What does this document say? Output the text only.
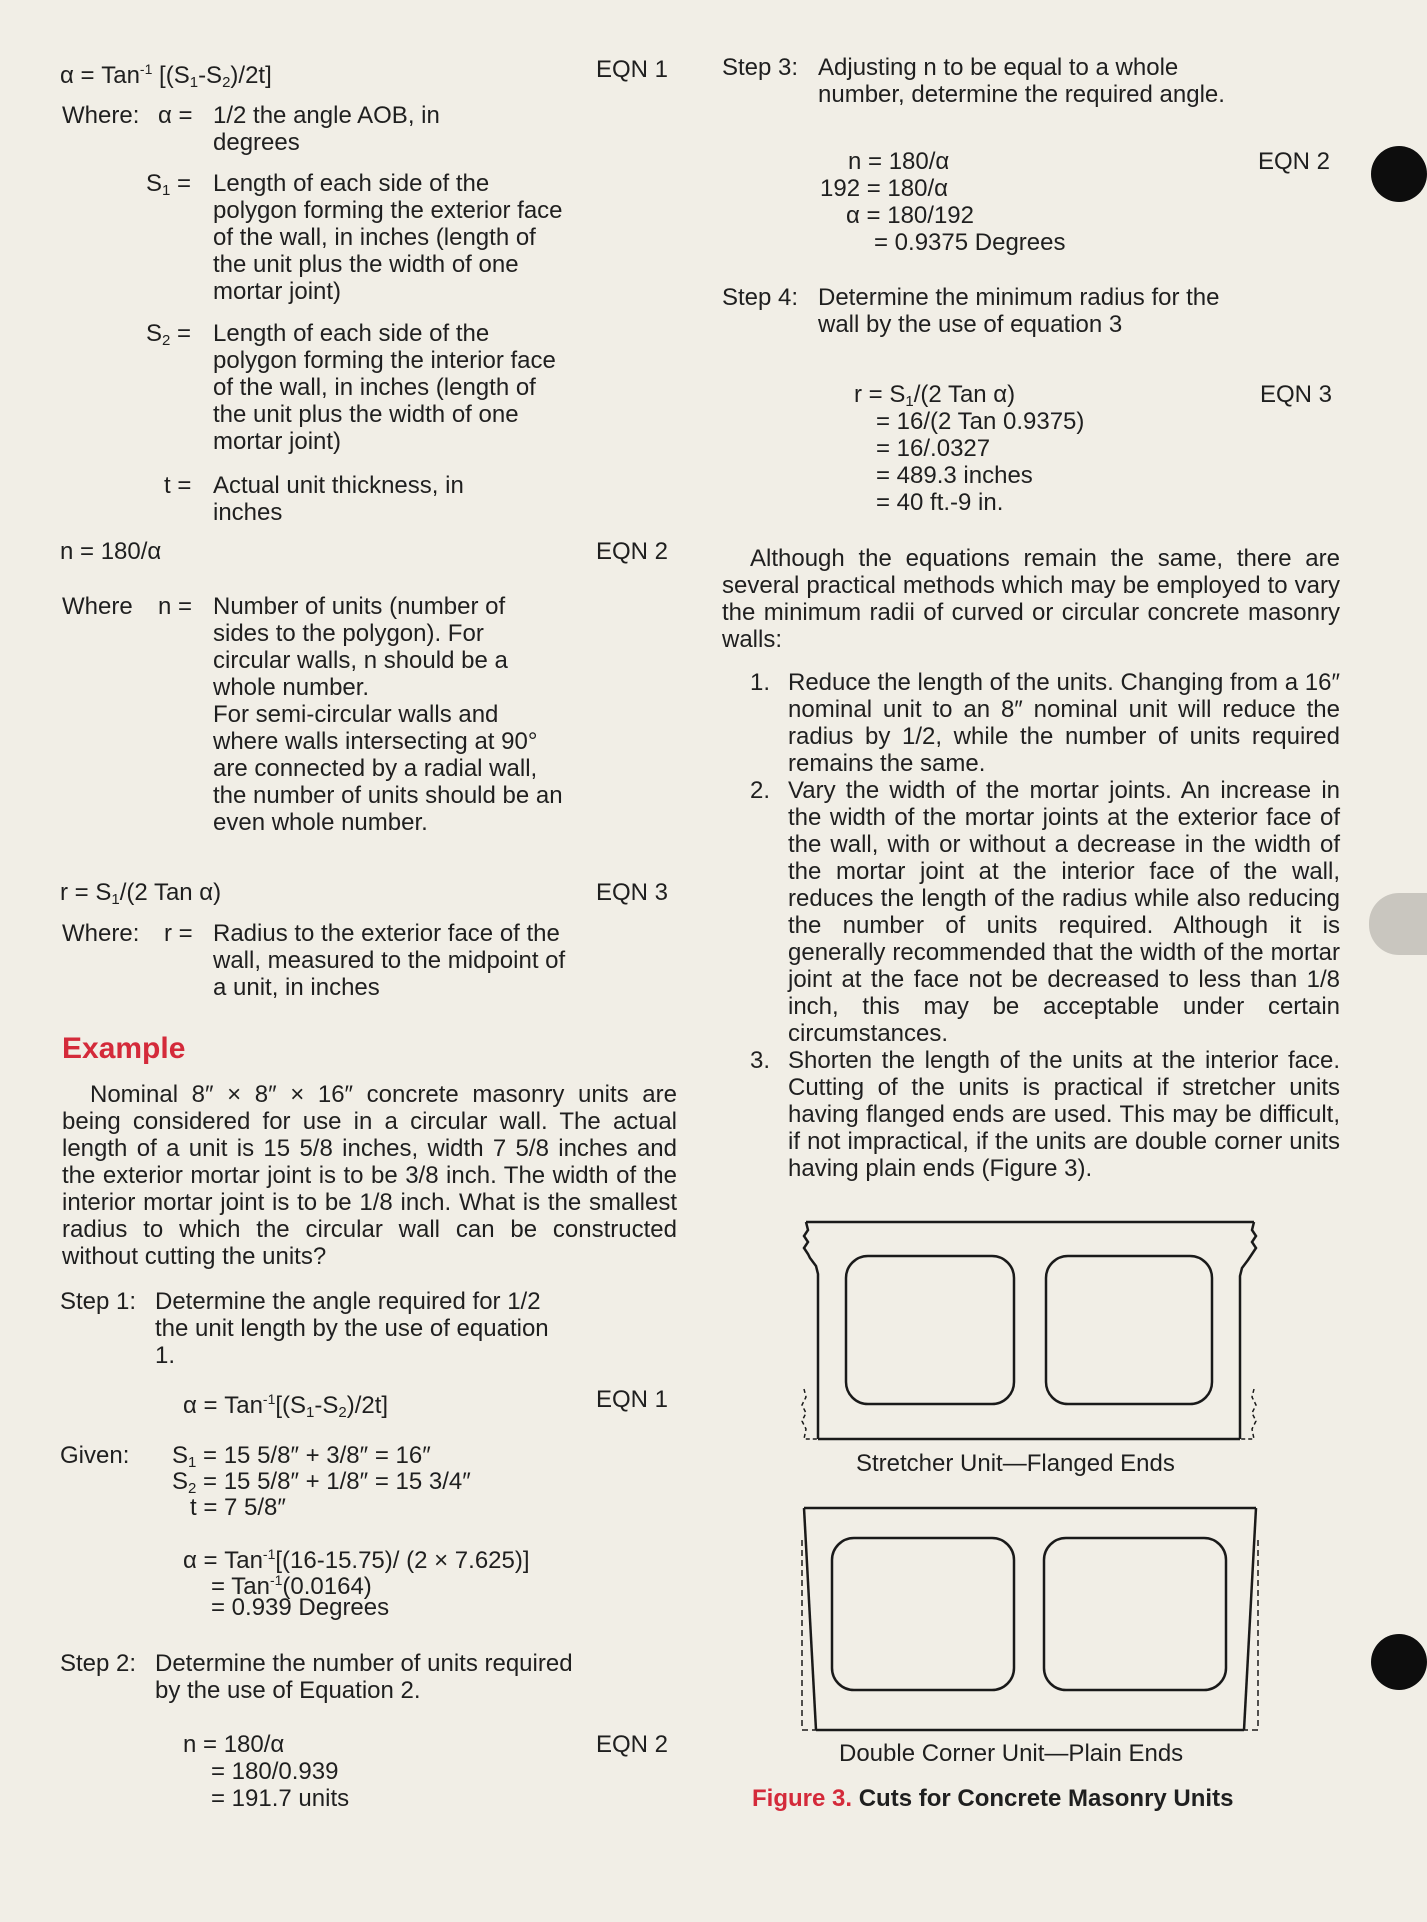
α = Tan$^{-1}$ $[(S_1-S_2)/2t]$	EQN 1
Where: α = 1/2 the angle AOB, in degrees
$S_1$ = Length of each side of the polygon forming the exterior face of the wall, in inches (length of the unit plus the width of one mortar joint)
$S_2$ = Length of each side of the polygon forming the interior face of the wall, in inches (length of the unit plus the width of one mortar joint)
t = Actual unit thickness, in inches
n = 180/α	EQN 2
Where n = Number of units (number of sides to the polygon). For circular walls, n should be a whole number.
For semi-circular walls and where walls intersecting at 90° are connected by a radial wall, the number of units should be an even whole number.
$r = S_1/(2$ Tan α)	EQN 3
Where: r = Radius to the exterior face of the wall, measured to the midpoint of a unit, in inches
Example
Nominal 8″ × 8″ × 16″ concrete masonry units are being considered for use in a circular wall. The actual length of a unit is 15 5/8 inches, width 7 5/8 inches and the exterior mortar joint is to be 3/8 inch. The width of the interior mortar joint is to be 1/8 inch. What is the smallest radius to which the circular wall can be constructed without cutting the units?
Step 1: Determine the angle required for 1/2 the unit length by the use of equation 1.
$\alpha = Tan^{-1}[(S_1-S_2)/2t]$	EQN 1
Given: $S_1 = 15$ 5/8″ + 3/8″ = 16″
$S_2 = 15$ 5/8″ + 1/8″ = 15 3/4″
t = 7 5/8″
α = Tan$^{-1}$[(16-15.75)/ (2 × 7.625)]
= Tan$^{-1}$(0.0164)
= 0.939 Degrees
Step 2: Determine the number of units required by the use of Equation 2.
n = 180/α	EQN 2
= 180/0.939
= 191.7 units
Step 3: Adjusting n to be equal to a whole number, determine the required angle.
n = 180/α	EQN 2
192 = 180/α
α = 180/192
= 0.9375 Degrees
Step 4: Determine the minimum radius for the wall by the use of equation 3
$r = S_1/(2$ Tan α)	EQN 3
= 16/(2 Tan 0.9375)
= 16/.0327
= 489.3 inches
= 40 ft.-9 in.
Although the equations remain the same, there are several practical methods which may be employed to vary the minimum radii of curved or circular concrete masonry walls:
1. Reduce the length of the units. Changing from a 16″ nominal unit to an 8″ nominal unit will reduce the radius by 1/2, while the number of units required remains the same.
2. Vary the width of the mortar joints. An increase in the width of the mortar joints at the exterior face of the wall, with or without a decrease in the width of the mortar joint at the interior face of the wall, reduces the length of the radius while also reducing the number of units required. Although it is generally recommended that the width of the mortar joint at the face not be decreased to less than 1/8 inch, this may be acceptable under certain circumstances.
3. Shorten the length of the units at the interior face. Cutting of the units is practical if stretcher units having flanged ends are used. This may be difficult, if not impractical, if the units are double corner units having plain ends (Figure 3).
Stretcher Unit—Flanged Ends
Double Corner Unit—Plain Ends
Figure 3. Cuts for Concrete Masonry Units
